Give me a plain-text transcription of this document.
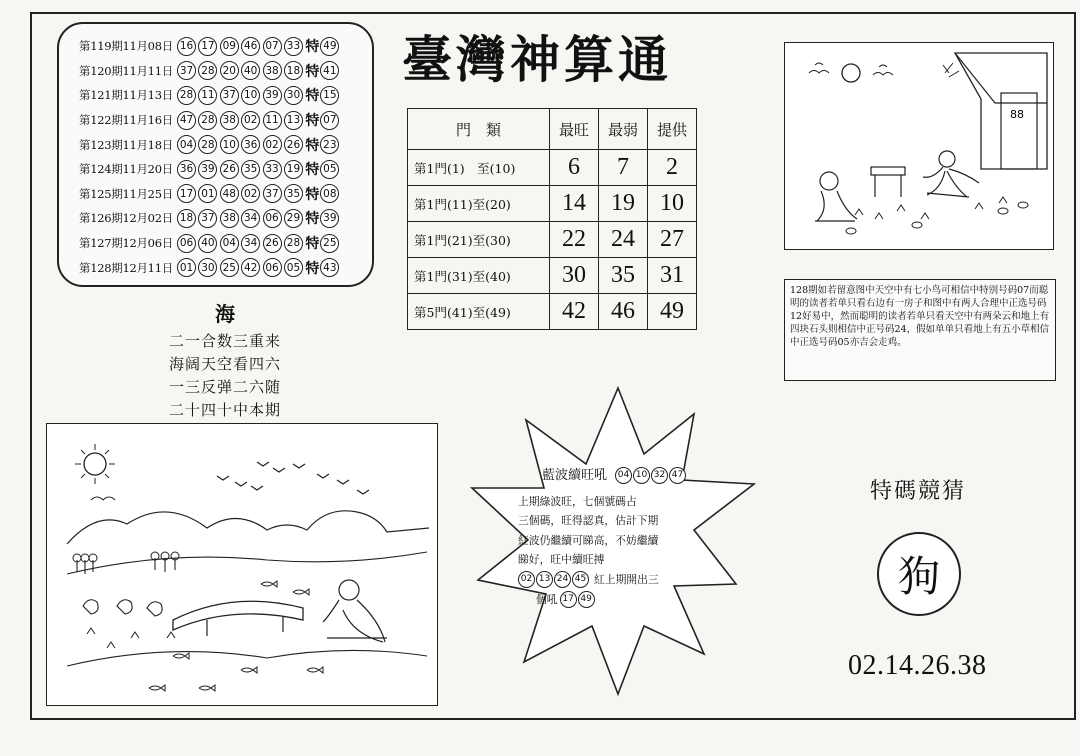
第119期11月08日 16 17 09 46 07 33 特 49
第120期11月11日 37 28 20 40 38 18 特 41
第121期11月13日 28 11 37 10 39 30 特 15
第122期11月16日 47 28 38 02 11 13 特 07
第123期11月18日 04 28 10 36 02 26 特 23
第124期11月20日 36 39 26 35 33 19 特 05
第125期11月25日 17 01 48 02 37 35 特 08
第126期12月02日 18 37 38 34 06 29 特 39
第127期12月06日 06 40 04 34 26 28 特 25
第128期12月11日 01 30 25 42 06 05 特 43
臺灣神算通
門　類	最旺	最弱	提供
第1門(1)　至(10)	6	7	2
第1門(11)至(20)	14	19	10
第1門(21)至(30)	22	24	27
第1門(31)至(40)	30	35	31
第5門(41)至(49)	42	46	49
海
二一合数三重来
海阔天空看四六
一三反弹二六随
二十四十中本期
88
128期如若留意图中天空中有七小鸟可相信中特别号码07而聪明的读者若单只看右边有一房子和图中有两人合理中正选号码12好易中，然而聪明的读者若单只看天空中有两朵云和地上有四块石头则相信中正号码24，假如单单只看地上有五小草相信中正选号码05亦吉会走鸡。
藍波續旺吼	04 10 32 47
上期綠波旺，七個號碼占
三個碼，旺得認真，估計下期
紅波仍繼續可睇高，不妨繼續
睇好，旺中續旺搏
02 13 24 45 紅上期開出三
個吼 17 49
特碼競猜
狗
02.14.26.38
